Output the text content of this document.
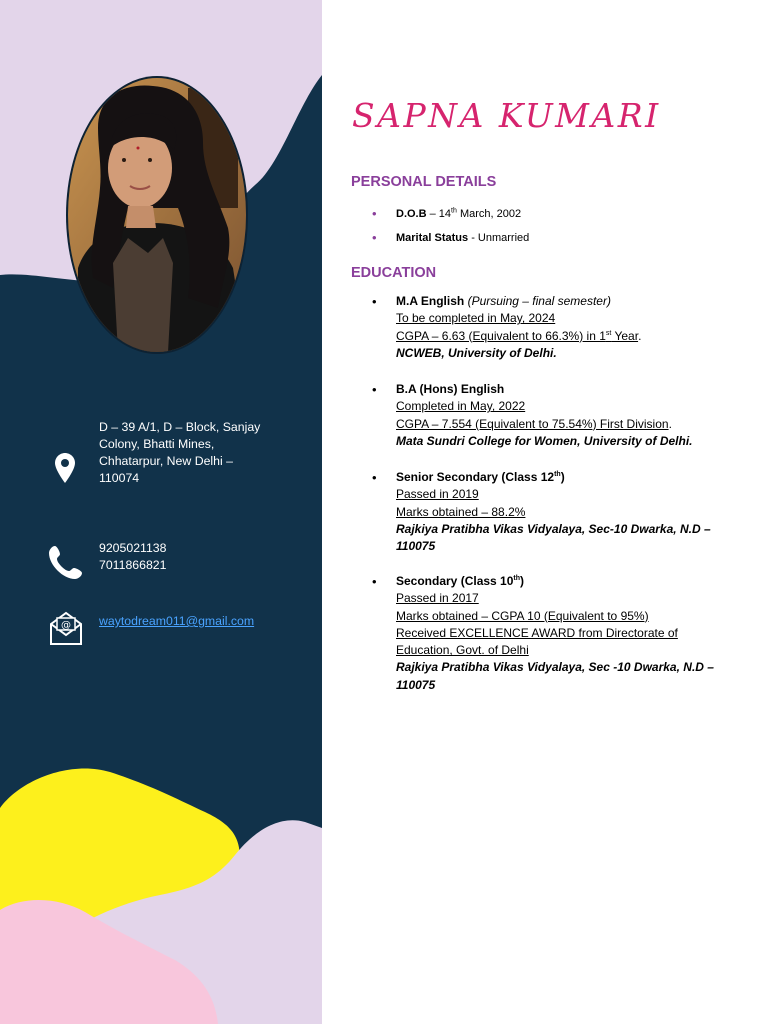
D – 39 A/1, D – Block, Sanjay
Colony, Bhatti Mines,
Chhatarpur, New Delhi –
110074
9205021138
7011866821
@ waytodream011@gmail.com
SAPNA KUMARI
PERSONAL DETAILS
• D.O.B – 14th March, 2002
• Marital Status - Unmarried
EDUCATION
• M.A English (Pursuing – final semester)
To be completed in May, 2024
CGPA – 6.63 (Equivalent to 66.3%) in 1st Year.
NCWEB, University of Delhi.
• B.A (Hons) English
Completed in May, 2022
CGPA – 7.554 (Equivalent to 75.54%) First Division.
Mata Sundri College for Women, University of Delhi.
• Senior Secondary (Class 12th)
Passed in 2019
Marks obtained – 88.2%
Rajkiya Pratibha Vikas Vidyalaya, Sec-10 Dwarka, N.D –
110075
• Secondary (Class 10th)
Passed in 2017
Marks obtained – CGPA 10 (Equivalent to 95%)
Received EXCELLENCE AWARD from Directorate of
Education, Govt. of Delhi
Rajkiya Pratibha Vikas Vidyalaya, Sec -10 Dwarka, N.D –
110075
